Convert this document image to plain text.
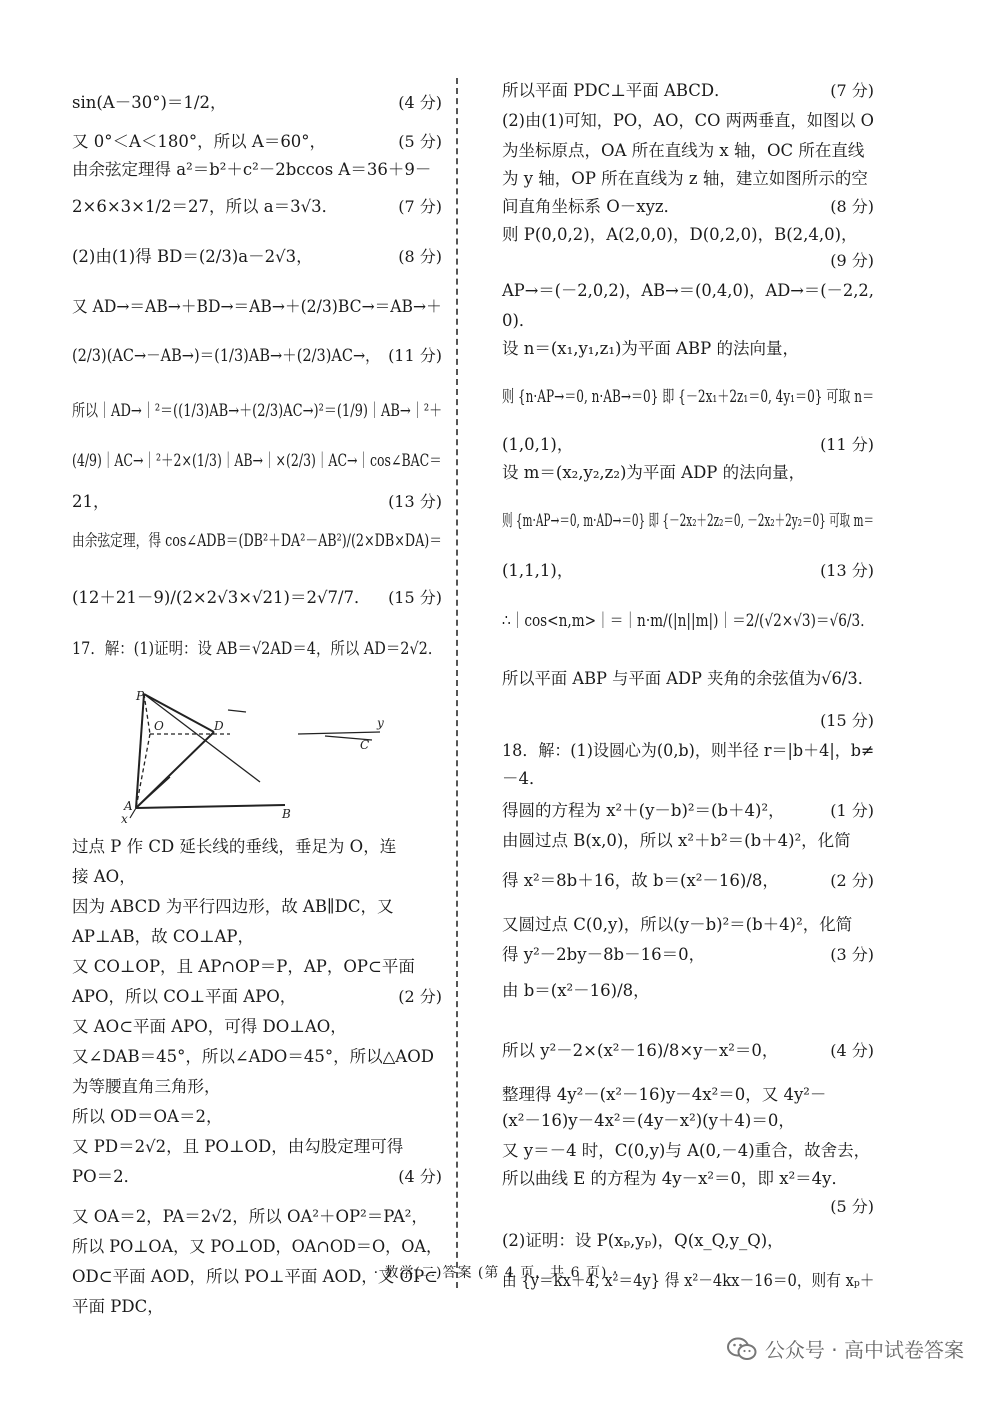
sin(A－30°)＝1/2，	(4 分)
又 0°＜A＜180°，所以 A＝60°，	(5 分)
由余弦定理得 a²＝b²＋c²－2bccos A＝36＋9－
2×6×3×1/2＝27，所以 a＝3√3．	(7 分)
(2)由(1)得 BD＝(2/3)a－2√3，	(8 分)
又 AD→＝AB→＋BD→＝AB→＋(2/3)BC→＝AB→＋
(2/3)(AC→－AB→)＝(1/3)AB→＋(2/3)AC→， (11 分)
所以｜AD→｜²＝((1/3)AB→＋(2/3)AC→)²＝(1/9)｜AB→｜²＋
(4/9)｜AC→｜²＋2×(1/3)｜AB→｜×(2/3)｜AC→｜cos∠BAC＝
21，	(13 分)
由余弦定理，得 cos∠ADB＝(DB²＋DA²－AB²)/(2×DB×DA)＝
(12＋21－9)/(2×2√3×√21)＝2√7/7． (15 分)
17．解：(1)证明：设 AB＝√2AD＝4，所以 AD＝2√2．
过点 P 作 CD 延长线的垂线，垂足为 O，连
接 AO，
因为 ABCD 为平行四边形，故 AB∥DC，又
AP⊥AB，故 CO⊥AP，
又 CO⊥OP，且 AP∩OP＝P，AP，OP⊂平面
APO，所以 CO⊥平面 APO，	(2 分)
又 AO⊂平面 APO，可得 DO⊥AO，
又∠DAB＝45°，所以∠ADO＝45°，所以△AOD
为等腰直角三角形，
所以 OD＝OA＝2，
又 PD＝2√2，且 PO⊥OD，由勾股定理可得
PO＝2．	(4 分)
又 OA＝2，PA＝2√2，所以 OA²＋OP²＝PA²，
所以 PO⊥OA，又 PO⊥OD，OA∩OD＝O，OA，
OD⊂平面 AOD，所以 PO⊥平面 AOD，又 OP⊂
平面 PDC，
所以平面 PDC⊥平面 ABCD．	(7 分)
(2)由(1)可知，PO，AO，CO 两两垂直，如图以 O
为坐标原点，OA 所在直线为 x 轴，OC 所在直线
为 y 轴，OP 所在直线为 z 轴，建立如图所示的空
间直角坐标系 O－xyz．	(8 分)
则 P(0,0,2)，A(2,0,0)，D(0,2,0)，B(2,4,0)，
(9 分)
AP→＝(－2,0,2)，AB→＝(0,4,0)，AD→＝(－2,2,
0)．
设 n＝(x₁,y₁,z₁)为平面 ABP 的法向量，
则 {n·AP→＝0, n·AB→＝0} 即 {－2x₁＋2z₁＝0, 4y₁＝0} 可取 n＝
(1,0,1)，	(11 分)
设 m＝(x₂,y₂,z₂)为平面 ADP 的法向量，
则 {m·AP→＝0, m·AD→＝0} 即 {－2x₂＋2z₂＝0, －2x₂＋2y₂＝0} 可取 m＝
(1,1,1)，	(13 分)
∴｜cos<n,m>｜＝｜n·m/(|n||m|)｜＝2/(√2×√3)＝√6/3．
所以平面 ABP 与平面 ADP 夹角的余弦值为√6/3．
(15 分)
18．解：(1)设圆心为(0,b)，则半径 r＝|b＋4|，b≠
－4．
得圆的方程为 x²＋(y－b)²＝(b＋4)²，	(1 分)
由圆过点 B(x,0)，所以 x²＋b²＝(b＋4)²，化简
得 x²＝8b＋16，故 b＝(x²－16)/8，	(2 分)
又圆过点 C(0,y)，所以(y－b)²＝(b＋4)²，化简
得 y²－2by－8b－16＝0，	(3 分)
由 b＝(x²－16)/8，
所以 y²－2×(x²－16)/8×y－x²＝0，	(4 分)
整理得 4y²－(x²－16)y－4x²＝0，又 4y²－
(x²－16)y－4x²＝(4y－x²)(y＋4)＝0，
又 y＝－4 时，C(0,y)与 A(0,－4)重合，故舍去，
所以曲线 E 的方程为 4y－x²＝0，即 x²＝4y．
(5 分)
(2)证明：设 P(xₚ,yₚ)，Q(x_Q,y_Q)，
由 {y＝kx＋4, x²＝4y} 得 x²－4kx－16＝0，则有 xₚ＋
P
O	D
A
B
x
y
C
· 数学(二)答案 (第 4 页，共 6 页) ·
公众号 · 高中试卷答案
